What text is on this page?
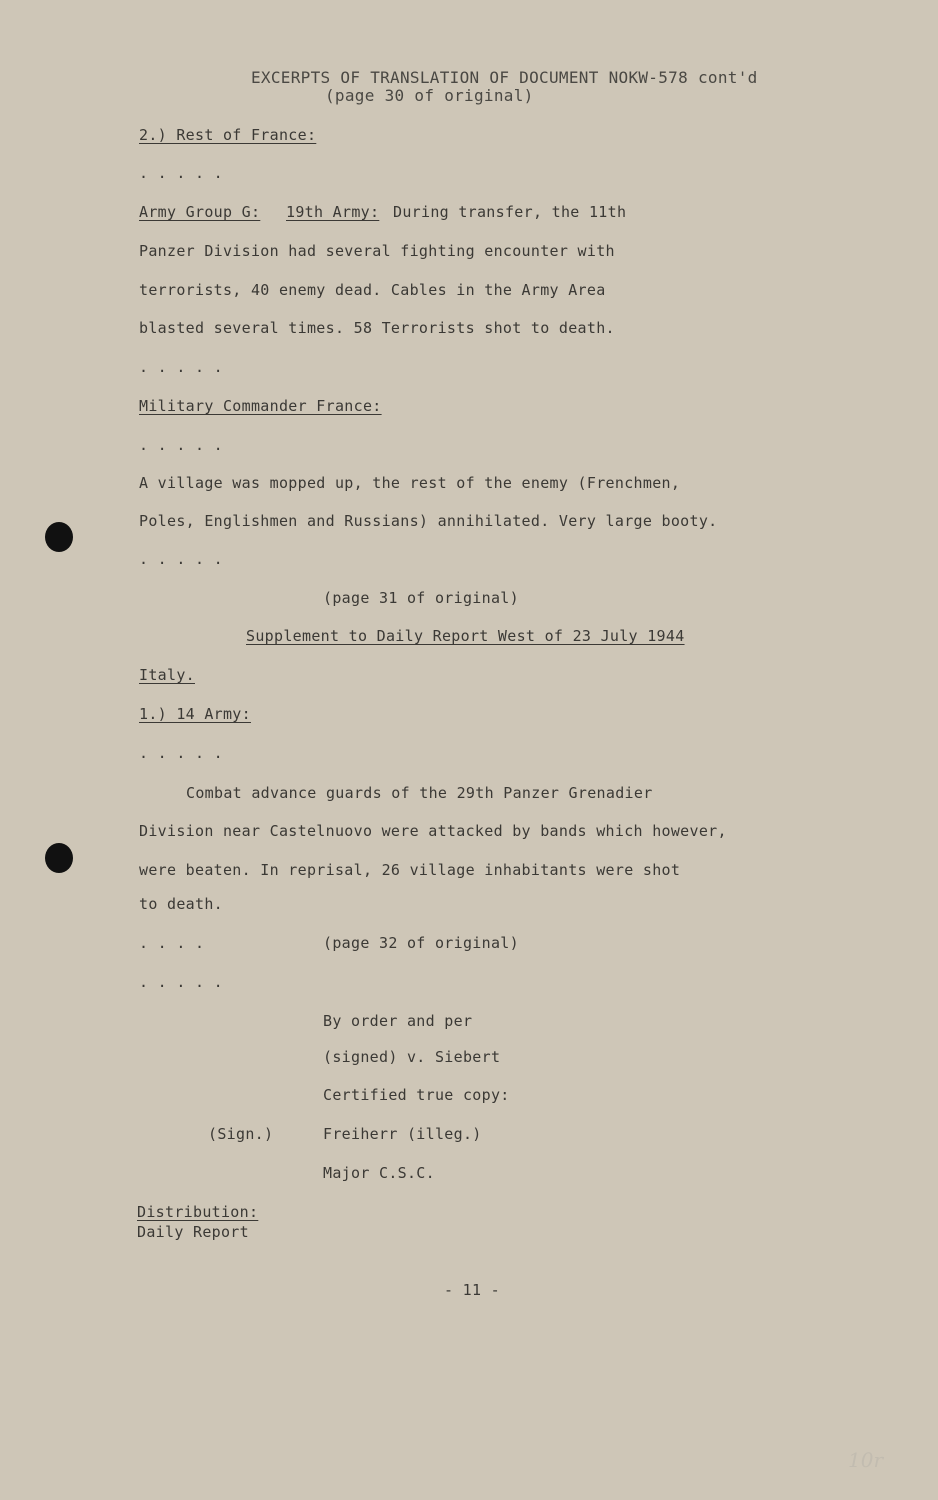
EXCERPTS OF TRANSLATION OF DOCUMENT NOKW-578 cont'd
(page 30 of original)
2.) Rest of France:
. . . . .
Army Group G: 19th Army: During transfer, the 11th
Panzer Division had several fighting encounter with
terrorists, 40 enemy dead. Cables in the Army Area
blasted several times. 58 Terrorists shot to death.
. . . . .
Military Commander France:
. . . . .
A village was mopped up, the rest of the enemy (Frenchmen,
Poles, Englishmen and Russians) annihilated. Very large booty.
. . . . .
(page 31 of original)
Supplement to Daily Report West of 23 July 1944
Italy.
1.) 14 Army:
. . . . .
Combat advance guards of the 29th Panzer Grenadier
Division near Castelnuovo were attacked by bands which however,
were beaten. In reprisal, 26 village inhabitants were shot
to death.
. . . .	(page 32 of original)
. . . . .
By order and per
(signed) v. Siebert
Certified true copy:
(Sign.)	Freiherr (illeg.)
Major C.S.C.
Distribution:
Daily Report
- 11 -
10r
